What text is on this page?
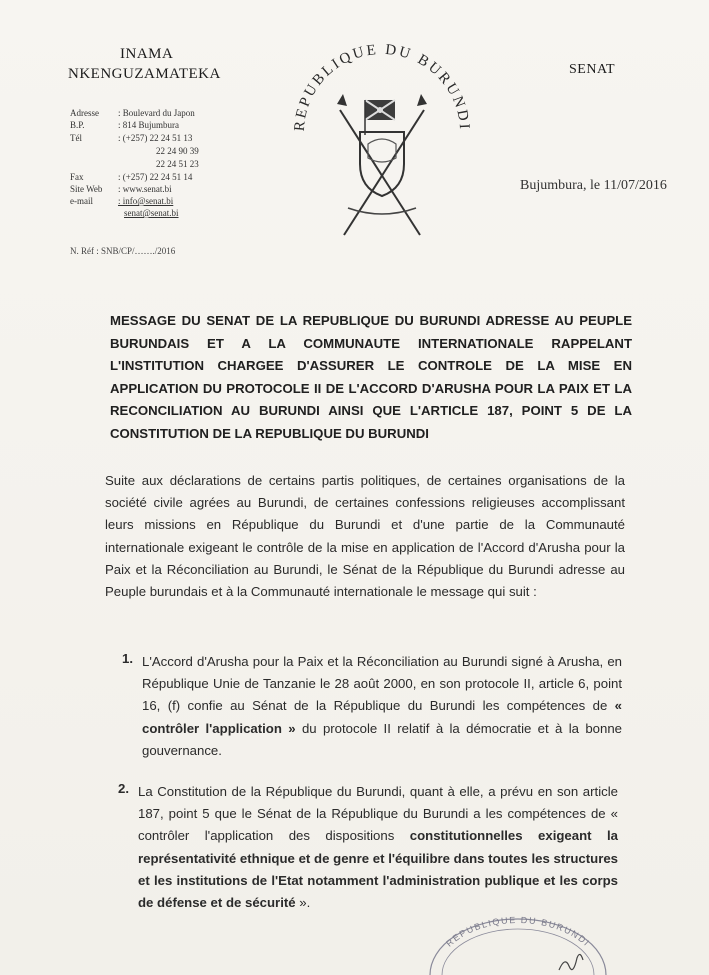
INAMA
NKENGUZAMATEKA	SENAT
REPUBLIQUE DU BURUNDI
Adresse	: Boulevard du Japon
B.P.	: 814 Bujumbura
Tél	: (+257) 22 24 51 13
22 24 90 39
22 24 51 23
Fax	: (+257) 22 24 51 14
Site Web	: www.senat.bi
e-mail	: info@senat.bi
senat@senat.bi
Bujumbura, le 11/07/2016
N. Réf : SNB/CP/……./2016
MESSAGE DU SENAT DE LA REPUBLIQUE DU BURUNDI ADRESSE AU PEUPLE BURUNDAIS ET A LA COMMUNAUTE INTERNATIONALE RAPPELANT L'INSTITUTION CHARGEE D'ASSURER LE CONTROLE DE LA MISE EN APPLICATION DU PROTOCOLE II DE L'ACCORD D'ARUSHA POUR LA PAIX ET LA RECONCILIATION AU BURUNDI AINSI QUE L'ARTICLE 187, POINT 5 DE LA CONSTITUTION DE LA REPUBLIQUE DU BURUNDI
Suite aux déclarations de certains partis politiques, de certaines organisations de la société civile agrées au Burundi, de certaines confessions religieuses accomplissant leurs missions en République du Burundi et d'une partie de la Communauté internationale exigeant le contrôle de la mise en application de l'Accord d'Arusha pour la Paix et la Réconciliation au Burundi, le Sénat de la République du Burundi adresse au Peuple burundais et à la Communauté internationale le message qui suit :
1. L'Accord d'Arusha pour la Paix et la Réconciliation au Burundi signé à Arusha, en République Unie de Tanzanie le 28 août 2000, en son protocole II, article 6, point 16, (f) confie au Sénat de la République du Burundi les compétences de « contrôler l'application » du protocole II relatif à la démocratie et à la bonne gouvernance.
2. La Constitution de la République du Burundi, quant à elle, a prévu en son article 187, point 5 que le Sénat de la République du Burundi a les compétences de « contrôler l'application des dispositions constitutionnelles exigeant la représentativité ethnique et de genre et l'équilibre dans toutes les structures et les institutions de l'Etat notamment l'administration publique et les corps de défense et de sécurité ».
REPUBLIQUE DU BURUNDI
